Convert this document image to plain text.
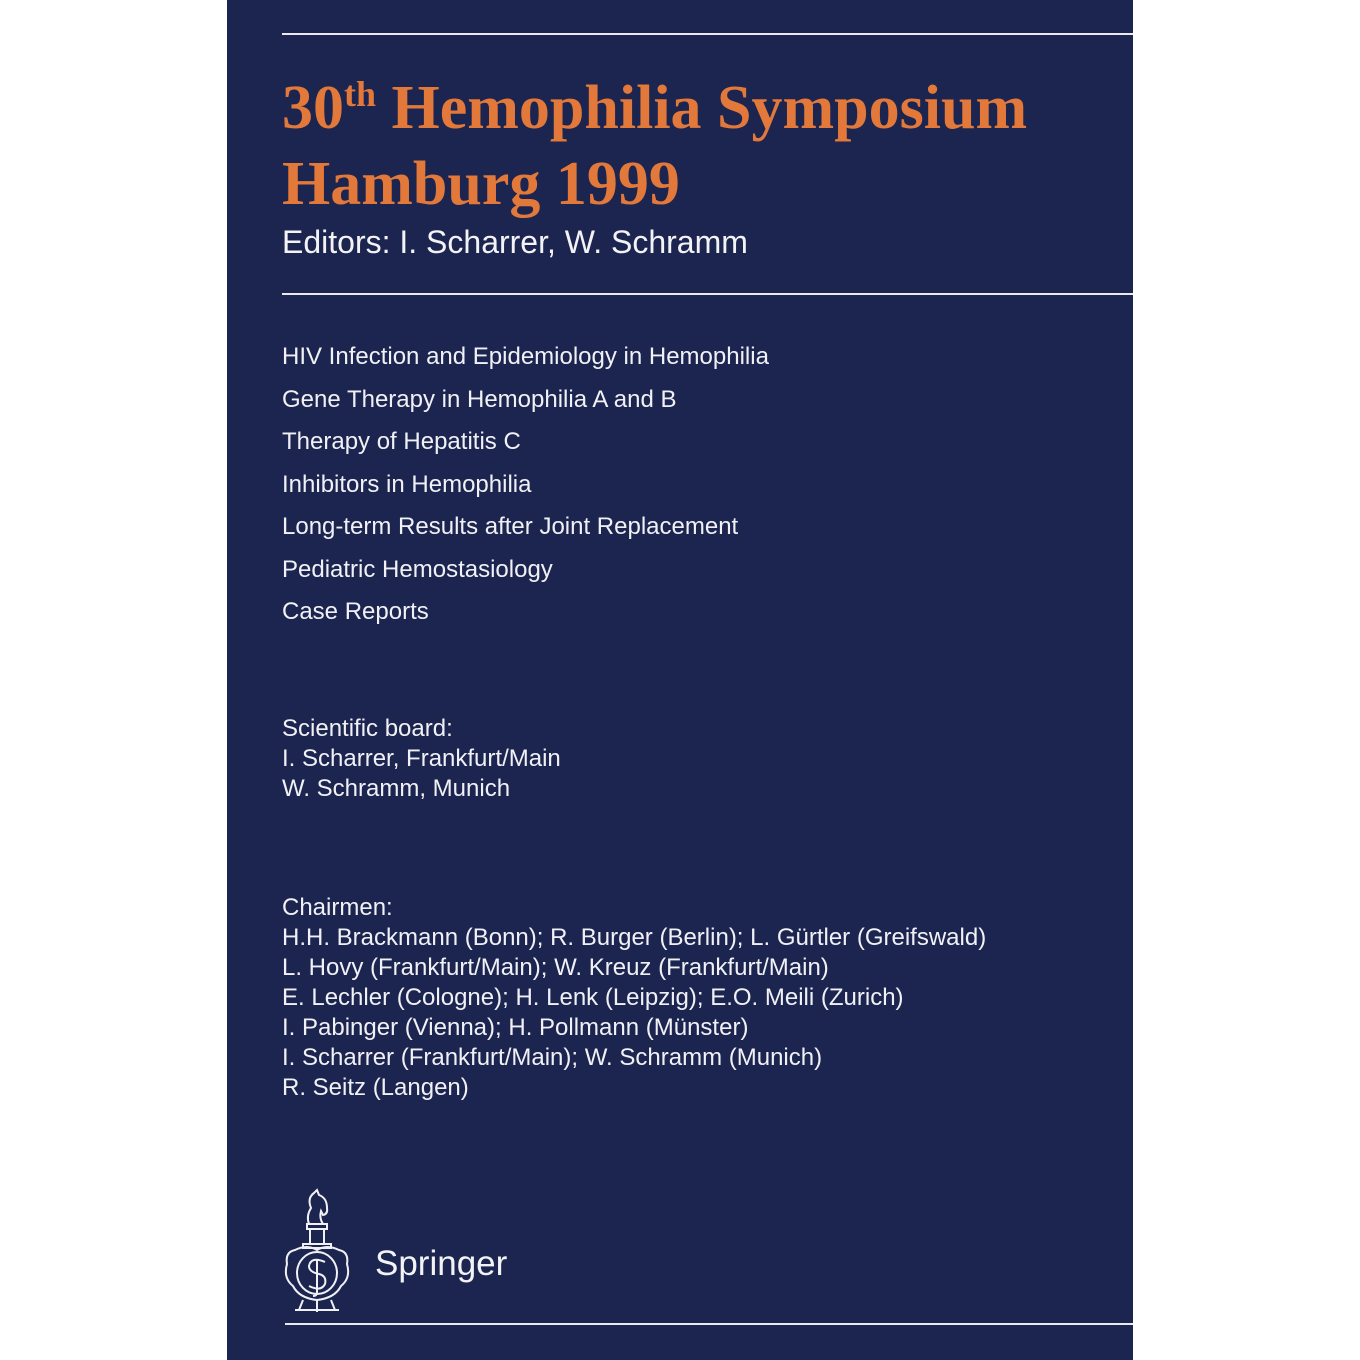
30th Hemophilia Symposium
Hamburg 1999
Editors: I. Scharrer, W. Schramm
HIV Infection and Epidemiology in Hemophilia
Gene Therapy in Hemophilia A and B
Therapy of Hepatitis C
Inhibitors in Hemophilia
Long-term Results after Joint Replacement
Pediatric Hemostasiology
Case Reports
Scientific board:
I. Scharrer, Frankfurt/Main
W. Schramm, Munich
Chairmen:
H.H. Brackmann (Bonn); R. Burger (Berlin); L. Gürtler (Greifswald)
L. Hovy (Frankfurt/Main); W. Kreuz (Frankfurt/Main)
E. Lechler (Cologne); H. Lenk (Leipzig); E.O. Meili (Zurich)
I. Pabinger (Vienna); H. Pollmann (Münster)
I. Scharrer (Frankfurt/Main); W. Schramm (Munich)
R. Seitz (Langen)
Springer
